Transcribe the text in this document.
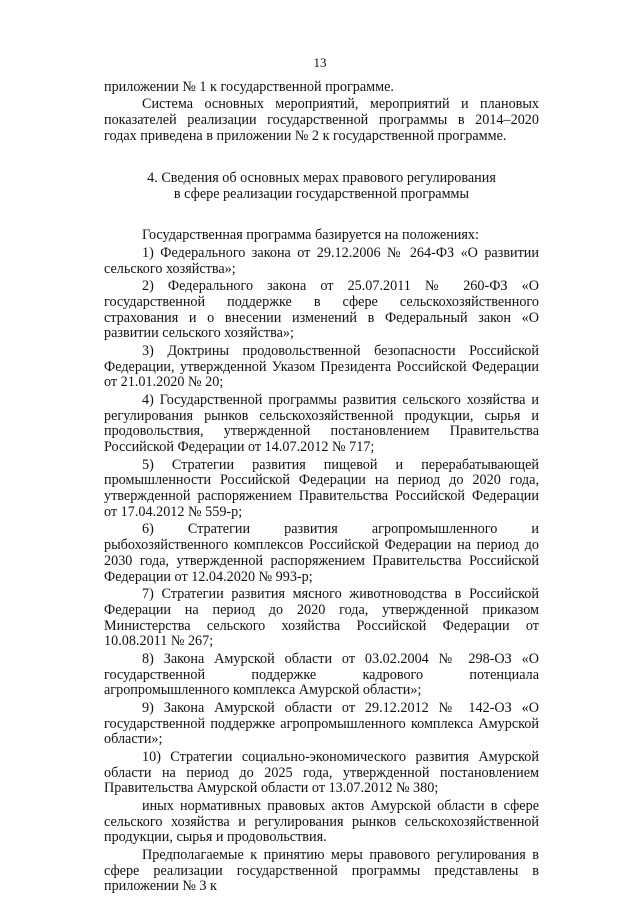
13

приложении № 1 к государственной программе.

Система основных мероприятий, мероприятий и плановых показателей реализации государственной программы в 2014–2020 годах приведена в приложении № 2 к государственной программе.

4. Сведения об основных мерах правового регулирования
в сфере реализации государственной программы

Государственная программа базируется на положениях:

1) Федерального закона от 29.12.2006 № 264-ФЗ «О развитии сельского хозяйства»;

2) Федерального закона от 25.07.2011 № 260-ФЗ «О государственной поддержке в сфере сельскохозяйственного страхования и о внесении изменений в Федеральный закон «О развитии сельского хозяйства»;

3) Доктрины продовольственной безопасности Российской Федерации, утвержденной Указом Президента Российской Федерации от 21.01.2020 № 20;

4) Государственной программы развития сельского хозяйства и регулирования рынков сельскохозяйственной продукции, сырья и продовольствия, утвержденной постановлением Правительства Российской Федерации от 14.07.2012 № 717;

5) Стратегии развития пищевой и перерабатывающей промышленности Российской Федерации на период до 2020 года, утвержденной распоряжением Правительства Российской Федерации от 17.04.2012 № 559-р;

6) Стратегии развития агропромышленного и рыбохозяйственного комплексов Российской Федерации на период до 2030 года, утвержденной распоряжением Правительства Российской Федерации от 12.04.2020 № 993-р;

7) Стратегии развития мясного животноводства в Российской Федерации на период до 2020 года, утвержденной приказом Министерства сельского хозяйства Российской Федерации от 10.08.2011 № 267;

8) Закона Амурской области от 03.02.2004 № 298-ОЗ «О государственной поддержке кадрового потенциала агропромышленного комплекса Амурской области»;

9) Закона Амурской области от 29.12.2012 № 142-ОЗ «О государственной поддержке агропромышленного комплекса Амурской области»;

10) Стратегии социально-экономического развития Амурской области на период до 2025 года, утвержденной постановлением Правительства Амурской области от 13.07.2012 № 380;

иных нормативных правовых актов Амурской области в сфере сельского хозяйства и регулирования рынков сельскохозяйственной продукции, сырья и продовольствия.

Предполагаемые к принятию меры правового регулирования в сфере реализации государственной программы представлены в приложении № 3 к
